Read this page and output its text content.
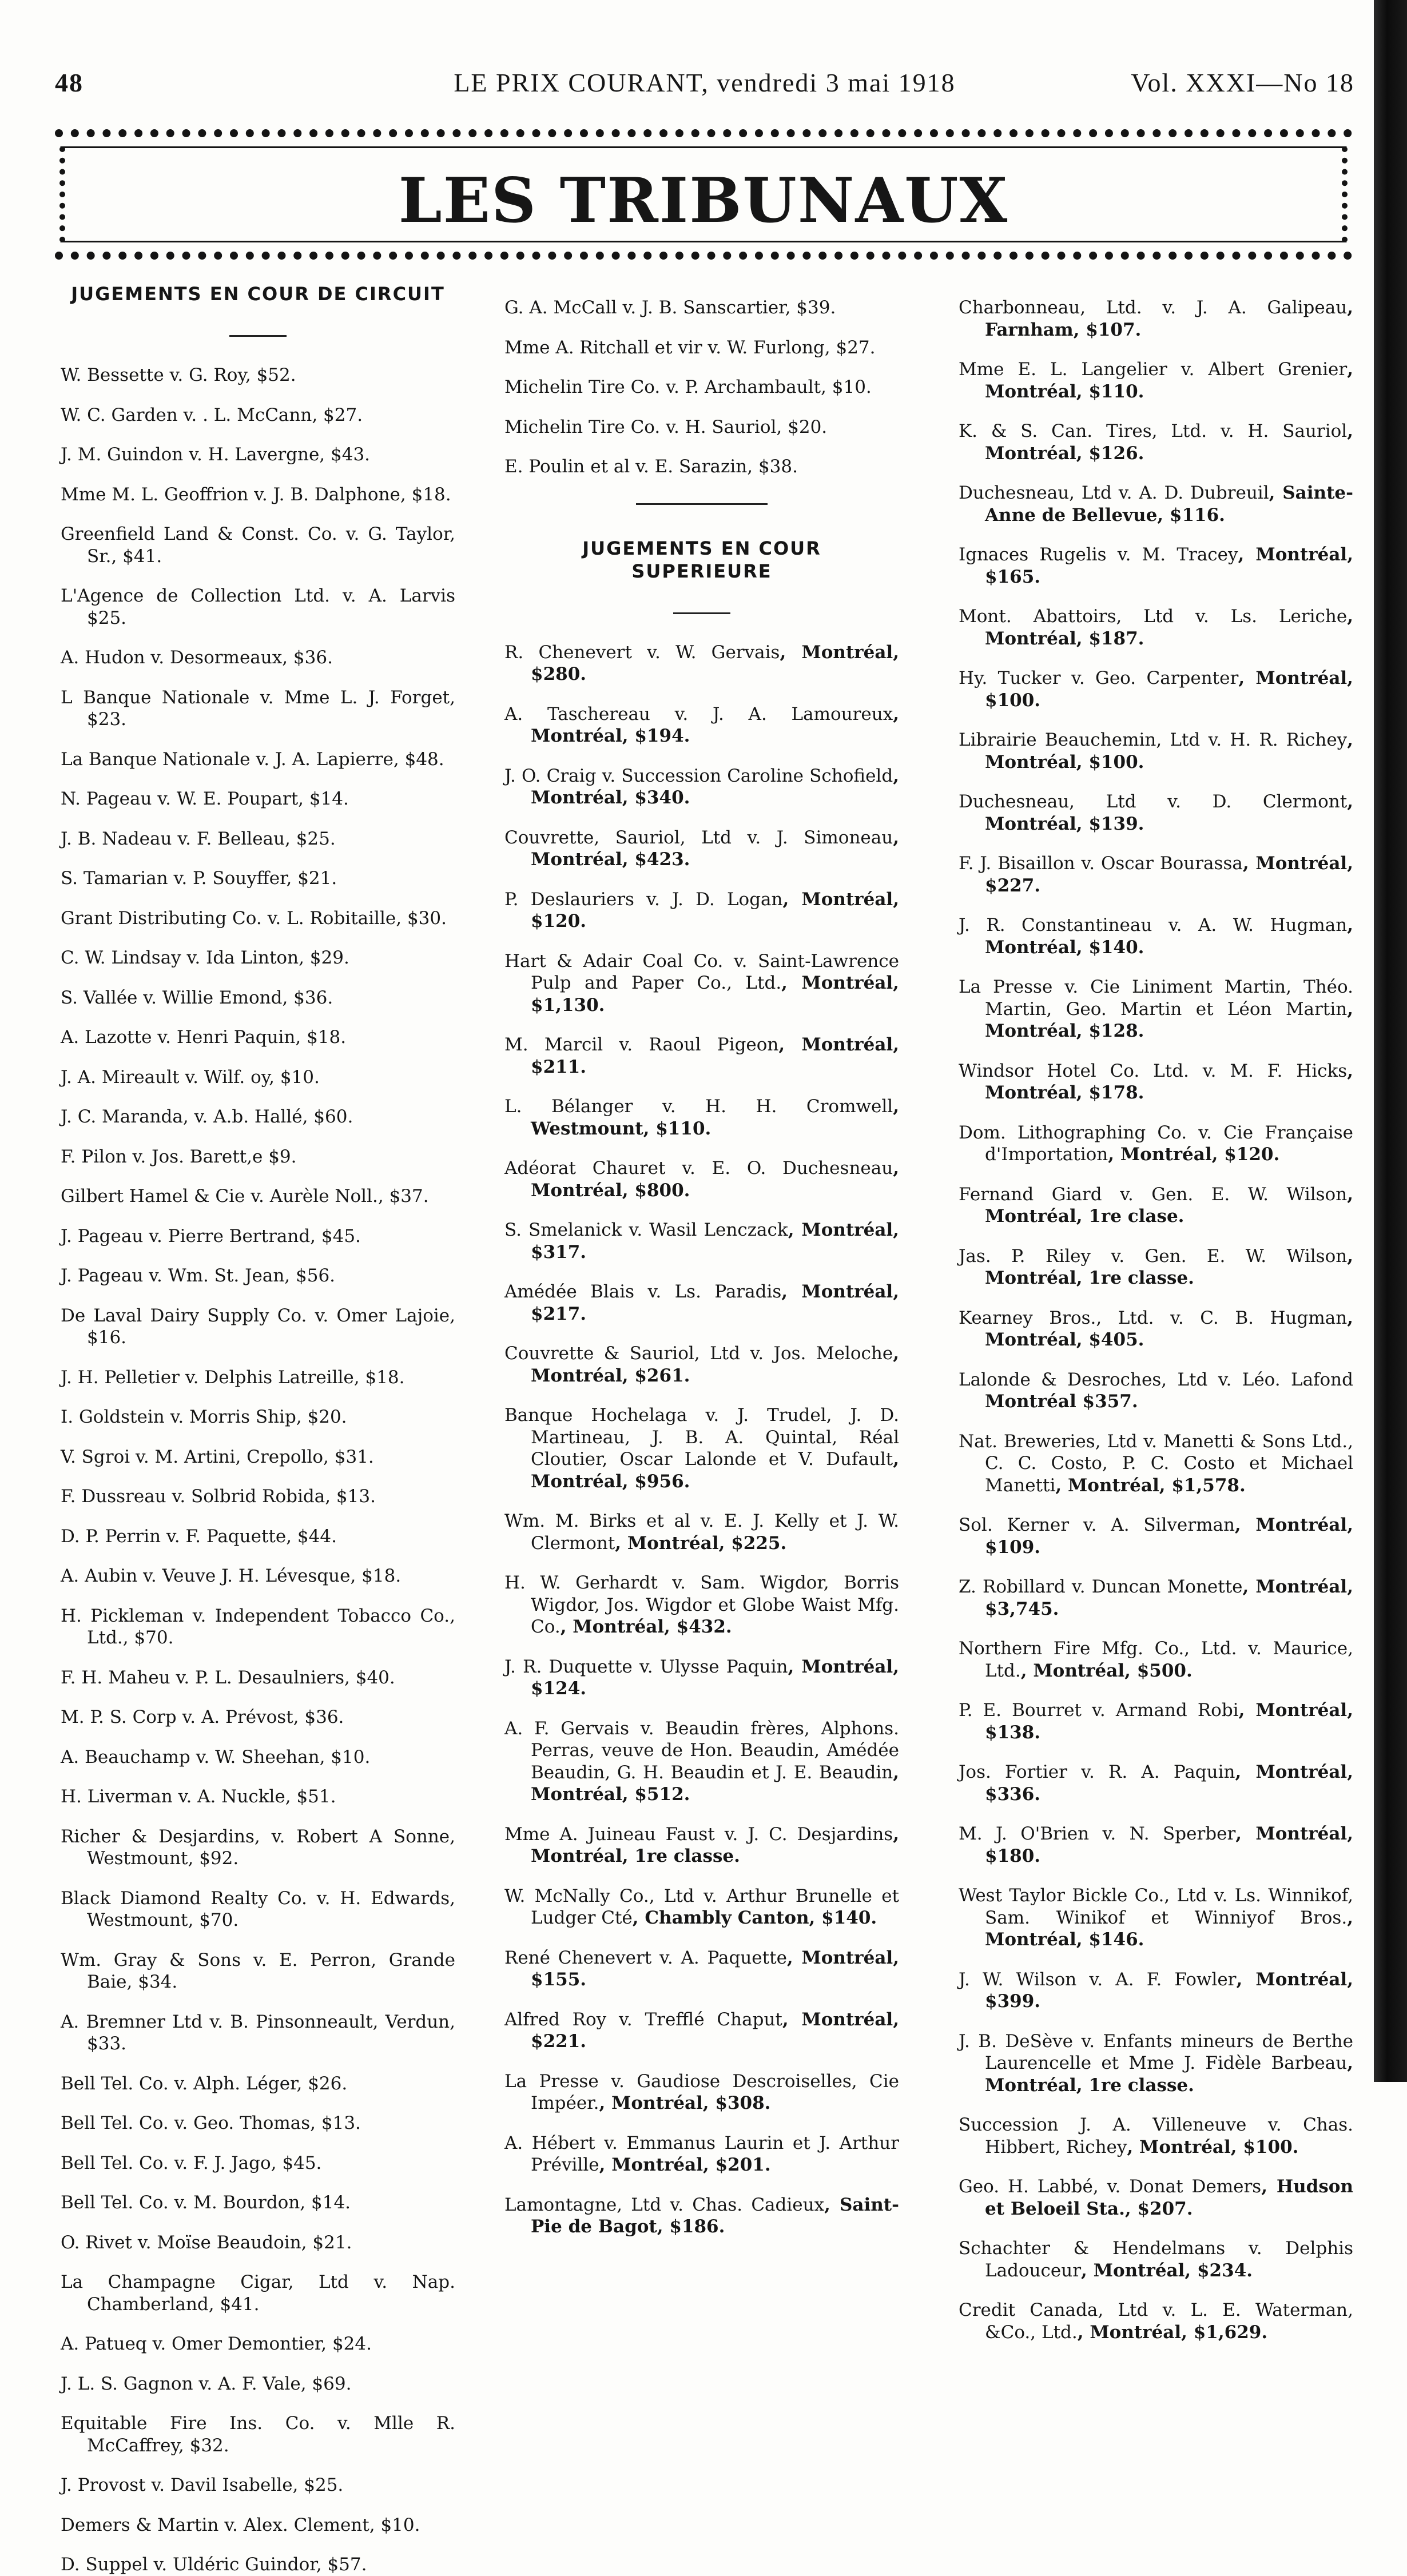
48	LE PRIX COURANT, vendredi 3 mai 1918	Vol. XXXI—No 18
LES TRIBUNAUX
JUGEMENTS EN COUR DE CIRCUIT

W. Bessette v. G. Roy, $52.

W. C. Garden v. . L. McCann, $27.

J. M. Guindon v. H. Lavergne, $43.

Mme M. L. Geoffrion v. J. B. Dalphone, $18.

Greenfield Land & Const. Co. v. G. Taylor, Sr., $41.

L'Agence de Collection Ltd. v. A. Larvis $25.

A. Hudon v. Desormeaux, $36.

L Banque Nationale v. Mme L. J. Forget, $23.

La Banque Nationale v. J. A. Lapierre, $48.

N. Pageau v. W. E. Poupart, $14.

J. B. Nadeau v. F. Belleau, $25.

S. Tamarian v. P. Souyffer, $21.

Grant Distributing Co. v. L. Robitaille, $30.

C. W. Lindsay v. Ida Linton, $29.

S. Vallée v. Willie Emond, $36.

A. Lazotte v. Henri Paquin, $18.

J. A. Mireault v. Wilf. oy, $10.

J. C. Maranda, v. A.b. Hallé, $60.

F. Pilon v. Jos. Barett,e $9.

Gilbert Hamel & Cie v. Aurèle Noll., $37.

J. Pageau v. Pierre Bertrand, $45.

J. Pageau v. Wm. St. Jean, $56.

De Laval Dairy Supply Co. v. Omer Lajoie, $16.

J. H. Pelletier v. Delphis Latreille, $18.

I. Goldstein v. Morris Ship, $20.

V. Sgroi v. M. Artini, Crepollo, $31.

F. Dussreau v. Solbrid Robida, $13.

D. P. Perrin v. F. Paquette, $44.

A. Aubin v. Veuve J. H. Lévesque, $18.

H. Pickleman v. Independent Tobacco Co., Ltd., $70.

F. H. Maheu v. P. L. Desaulniers, $40.

M. P. S. Corp v. A. Prévost, $36.

A. Beauchamp v. W. Sheehan, $10.

H. Liverman v. A. Nuckle, $51.

Richer & Desjardins, v. Robert A Sonne, Westmount, $92.

Black Diamond Realty Co. v. H. Edwards, Westmount, $70.

Wm. Gray & Sons v. E. Perron, Grande Baie, $34.

A. Bremner Ltd v. B. Pinsonneault, Verdun, $33.

Bell Tel. Co. v. Alph. Léger, $26.

Bell Tel. Co. v. Geo. Thomas, $13.

Bell Tel. Co. v. F. J. Jago, $45.

Bell Tel. Co. v. M. Bourdon, $14.

O. Rivet v. Moïse Beaudoin, $21.

La Champagne Cigar, Ltd v. Nap. Chamberland, $41.

A. Patueq v. Omer Demontier, $24.

J. L. S. Gagnon v. A. F. Vale, $69.

Equitable Fire Ins. Co. v. Mlle R. McCaffrey, $32.

J. Provost v. Davil Isabelle, $25.

Demers & Martin v. Alex. Clement, $10.

D. Suppel v. Uldéric Guindor, $57.

G. A. McCall v. J. B. Sanscartier, $39.

Mme A. Ritchall et vir v. W. Furlong, $27.

Michelin Tire Co. v. P. Archambault, $10.

Michelin Tire Co. v. H. Sauriol, $20.

E. Poulin et al v. E. Sarazin, $38.

JUGEMENTS EN COUR SUPERIEURE

R. Chenevert v. W. Gervais, Montréal, $280.

A. Taschereau v. J. A. Lamoureux, Montréal, $194.

J. O. Craig v. Succession Caroline Schofield, Montréal, $340.

Couvrette, Sauriol, Ltd v. J. Simoneau, Montréal, $423.

P. Deslauriers v. J. D. Logan, Montréal, $120.

Hart & Adair Coal Co. v. Saint-Lawrence Pulp and Paper Co., Ltd., Montréal, $1,130.

M. Marcil v. Raoul Pigeon, Montréal, $211.

L. Bélanger v. H. H. Cromwell, Westmount, $110.

Adéorat Chauret v. E. O. Duchesneau, Montréal, $800.

S. Smelanick v. Wasil Lenczack, Montréal, $317.

Amédée Blais v. Ls. Paradis, Montréal, $217.

Couvrette & Sauriol, Ltd v. Jos. Meloche, Montréal, $261.

Banque Hochelaga v. J. Trudel, J. D. Martineau, J. B. A. Quintal, Réal Cloutier, Oscar Lalonde et V. Dufault, Montréal, $956.

Wm. M. Birks et al v. E. J. Kelly et J. W. Clermont, Montréal, $225.

H. W. Gerhardt v. Sam. Wigdor, Borris Wigdor, Jos. Wigdor et Globe Waist Mfg. Co., Montréal, $432.

J. R. Duquette v. Ulysse Paquin, Montréal, $124.

A. F. Gervais v. Beaudin frères, Alphons. Perras, veuve de Hon. Beaudin, Amédée Beaudin, G. H. Beaudin et J. E. Beaudin, Montréal, $512.

Mme A. Juineau Faust v. J. C. Desjardins, Montréal, 1re classe.

W. McNally Co., Ltd v. Arthur Brunelle et Ludger Cté, Chambly Canton, $140.

René Chenevert v. A. Paquette, Montréal, $155.

Alfred Roy v. Trefflé Chaput, Montréal, $221.

La Presse v. Gaudiose Descroiselles, Cie Impéer., Montréal, $308.

A. Hébert v. Emmanus Laurin et J. Arthur Préville, Montréal, $201.

Lamontagne, Ltd v. Chas. Cadieux, Saint-Pie de Bagot, $186.

Charbonneau, Ltd. v. J. A. Galipeau, Farnham, $107.

Mme E. L. Langelier v. Albert Grenier, Montréal, $110.

K. & S. Can. Tires, Ltd. v. H. Sauriol, Montréal, $126.

Duchesneau, Ltd v. A. D. Dubreuil, Sainte-Anne de Bellevue, $116.

Ignaces Rugelis v. M. Tracey, Montréal, $165.

Mont. Abattoirs, Ltd v. Ls. Leriche, Montréal, $187.

Hy. Tucker v. Geo. Carpenter, Montréal, $100.

Librairie Beauchemin, Ltd v. H. R. Richey, Montréal, $100.

Duchesneau, Ltd v. D. Clermont, Montréal, $139.

F. J. Bisaillon v. Oscar Bourassa, Montréal, $227.

J. R. Constantineau v. A. W. Hugman, Montréal, $140.

La Presse v. Cie Liniment Martin, Théo. Martin, Geo. Martin et Léon Martin, Montréal, $128.

Windsor Hotel Co. Ltd. v. M. F. Hicks, Montréal, $178.

Dom. Lithographing Co. v. Cie Française d'Importation, Montréal, $120.

Fernand Giard v. Gen. E. W. Wilson, Montréal, 1re clase.

Jas. P. Riley v. Gen. E. W. Wilson, Montréal, 1re classe.

Kearney Bros., Ltd. v. C. B. Hugman, Montréal, $405.

Lalonde & Desroches, Ltd v. Léo. Lafond Montréal $357.

Nat. Breweries, Ltd v. Manetti & Sons Ltd., C. C. Costo, P. C. Costo et Michael Manetti, Montréal, $1,578.

Sol. Kerner v. A. Silverman, Montréal, $109.

Z. Robillard v. Duncan Monette, Montréal, $3,745.

Northern Fire Mfg. Co., Ltd. v. Maurice, Ltd., Montréal, $500.

P. E. Bourret v. Armand Robi, Montréal, $138.

Jos. Fortier v. R. A. Paquin, Montréal, $336.

M. J. O'Brien v. N. Sperber, Montréal, $180.

West Taylor Bickle Co., Ltd v. Ls. Winnikof, Sam. Winikof et Winniyof Bros., Montréal, $146.

J. W. Wilson v. A. F. Fowler, Montréal, $399.

J. B. DeSève v. Enfants mineurs de Berthe Laurencelle et Mme J. Fidèle Barbeau, Montréal, 1re classe.

Succession J. A. Villeneuve v. Chas. Hibbert, Richey, Montréal, $100.

Geo. H. Labbé, v. Donat Demers, Hudson et Beloeil Sta., $207.

Schachter & Hendelmans v. Delphis Ladouceur, Montréal, $234.

Credit Canada, Ltd v. L. E. Waterman, &Co., Ltd., Montréal, $1,629.
